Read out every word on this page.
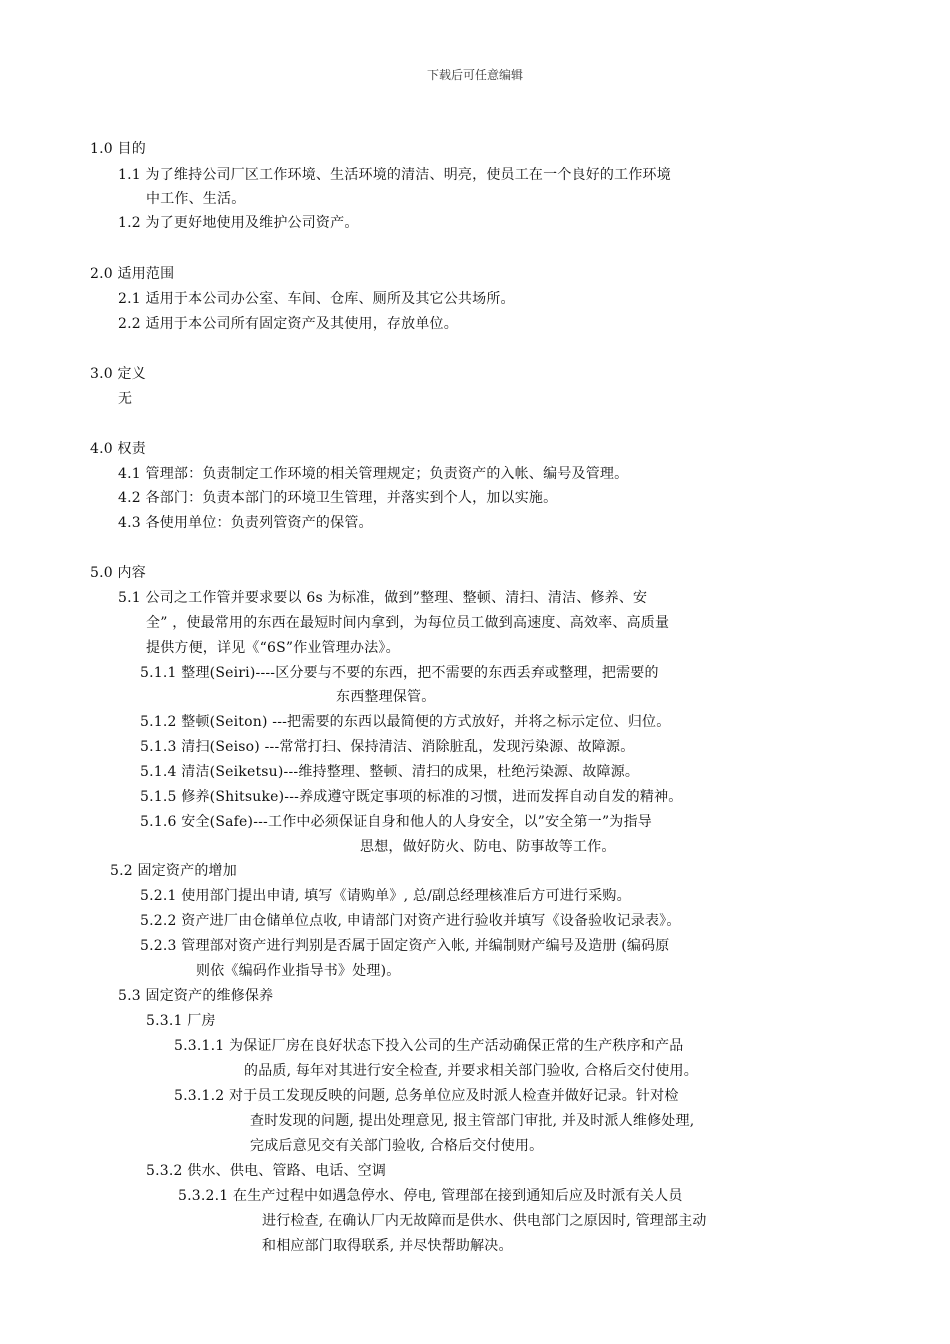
下载后可任意编辑
1.0 目的
1.1 为了维持公司厂区工作环境、生活环境的清洁、明亮，使员工在一个良好的工作环境
中工作、生活。
1.2 为了更好地使用及维护公司资产。
2.0 适用范围
2.1 适用于本公司办公室、车间、仓库、厕所及其它公共场所。
2.2 适用于本公司所有固定资产及其使用，存放单位。
3.0 定义
无
4.0 权责
4.1 管理部：负责制定工作环境的相关管理规定；负责资产的入帐、编号及管理。
4.2 各部门：负责本部门的环境卫生管理，并落实到个人，加以实施。
4.3 各使用单位：负责列管资产的保管。
5.0 内容
5.1 公司之工作管并要求要以 6s 为标准，做到”整理、整顿、清扫、清洁、修养、安
全” ，使最常用的东西在最短时间内拿到，为每位员工做到高速度、高效率、高质量
提供方便，详见《“6S”作业管理办法》。
5.1.1 整理(Seiri)----区分要与不要的东西，把不需要的东西丢弃或整理，把需要的
东西整理保管。
5.1.2 整顿(Seiton) ---把需要的东西以最简便的方式放好，并将之标示定位、归位。
5.1.3 清扫(Seiso) ---常常打扫、保持清洁、消除脏乱，发现污染源、故障源。
5.1.4 清洁(Seiketsu)---维持整理、整顿、清扫的成果，杜绝污染源、故障源。
5.1.5 修养(Shitsuke)---养成遵守既定事项的标准的习惯，进而发挥自动自发的精神。
5.1.6 安全(Safe)---工作中必须保证自身和他人的人身安全，以”安全第一”为指导
思想，做好防火、防电、防事故等工作。
5.2 固定资产的增加
5.2.1 使用部门提出申请, 填写《请购单》, 总/副总经理核准后方可进行采购。
5.2.2 资产进厂由仓储单位点收, 申请部门对资产进行验收并填写《设备验收记录表》。
5.2.3 管理部对资产进行判别是否属于固定资产入帐, 并编制财产编号及造册 (编码原
则依《编码作业指导书》处理)。
5.3 固定资产的维修保养
5.3.1 厂房
5.3.1.1 为保证厂房在良好状态下投入公司的生产活动确保正常的生产秩序和产品
的品质, 每年对其进行安全检查, 并要求相关部门验收, 合格后交付使用。
5.3.1.2 对于员工发现反映的问题, 总务单位应及时派人检查并做好记录。针对检
查时发现的问题, 提出处理意见, 报主管部门审批, 并及时派人维修处理,
完成后意见交有关部门验收, 合格后交付使用。
5.3.2 供水、供电、管路、电话、空调
5.3.2.1 在生产过程中如遇急停水、停电, 管理部在接到通知后应及时派有关人员
进行检查, 在确认厂内无故障而是供水、供电部门之原因时, 管理部主动
和相应部门取得联系, 并尽快帮助解决。
